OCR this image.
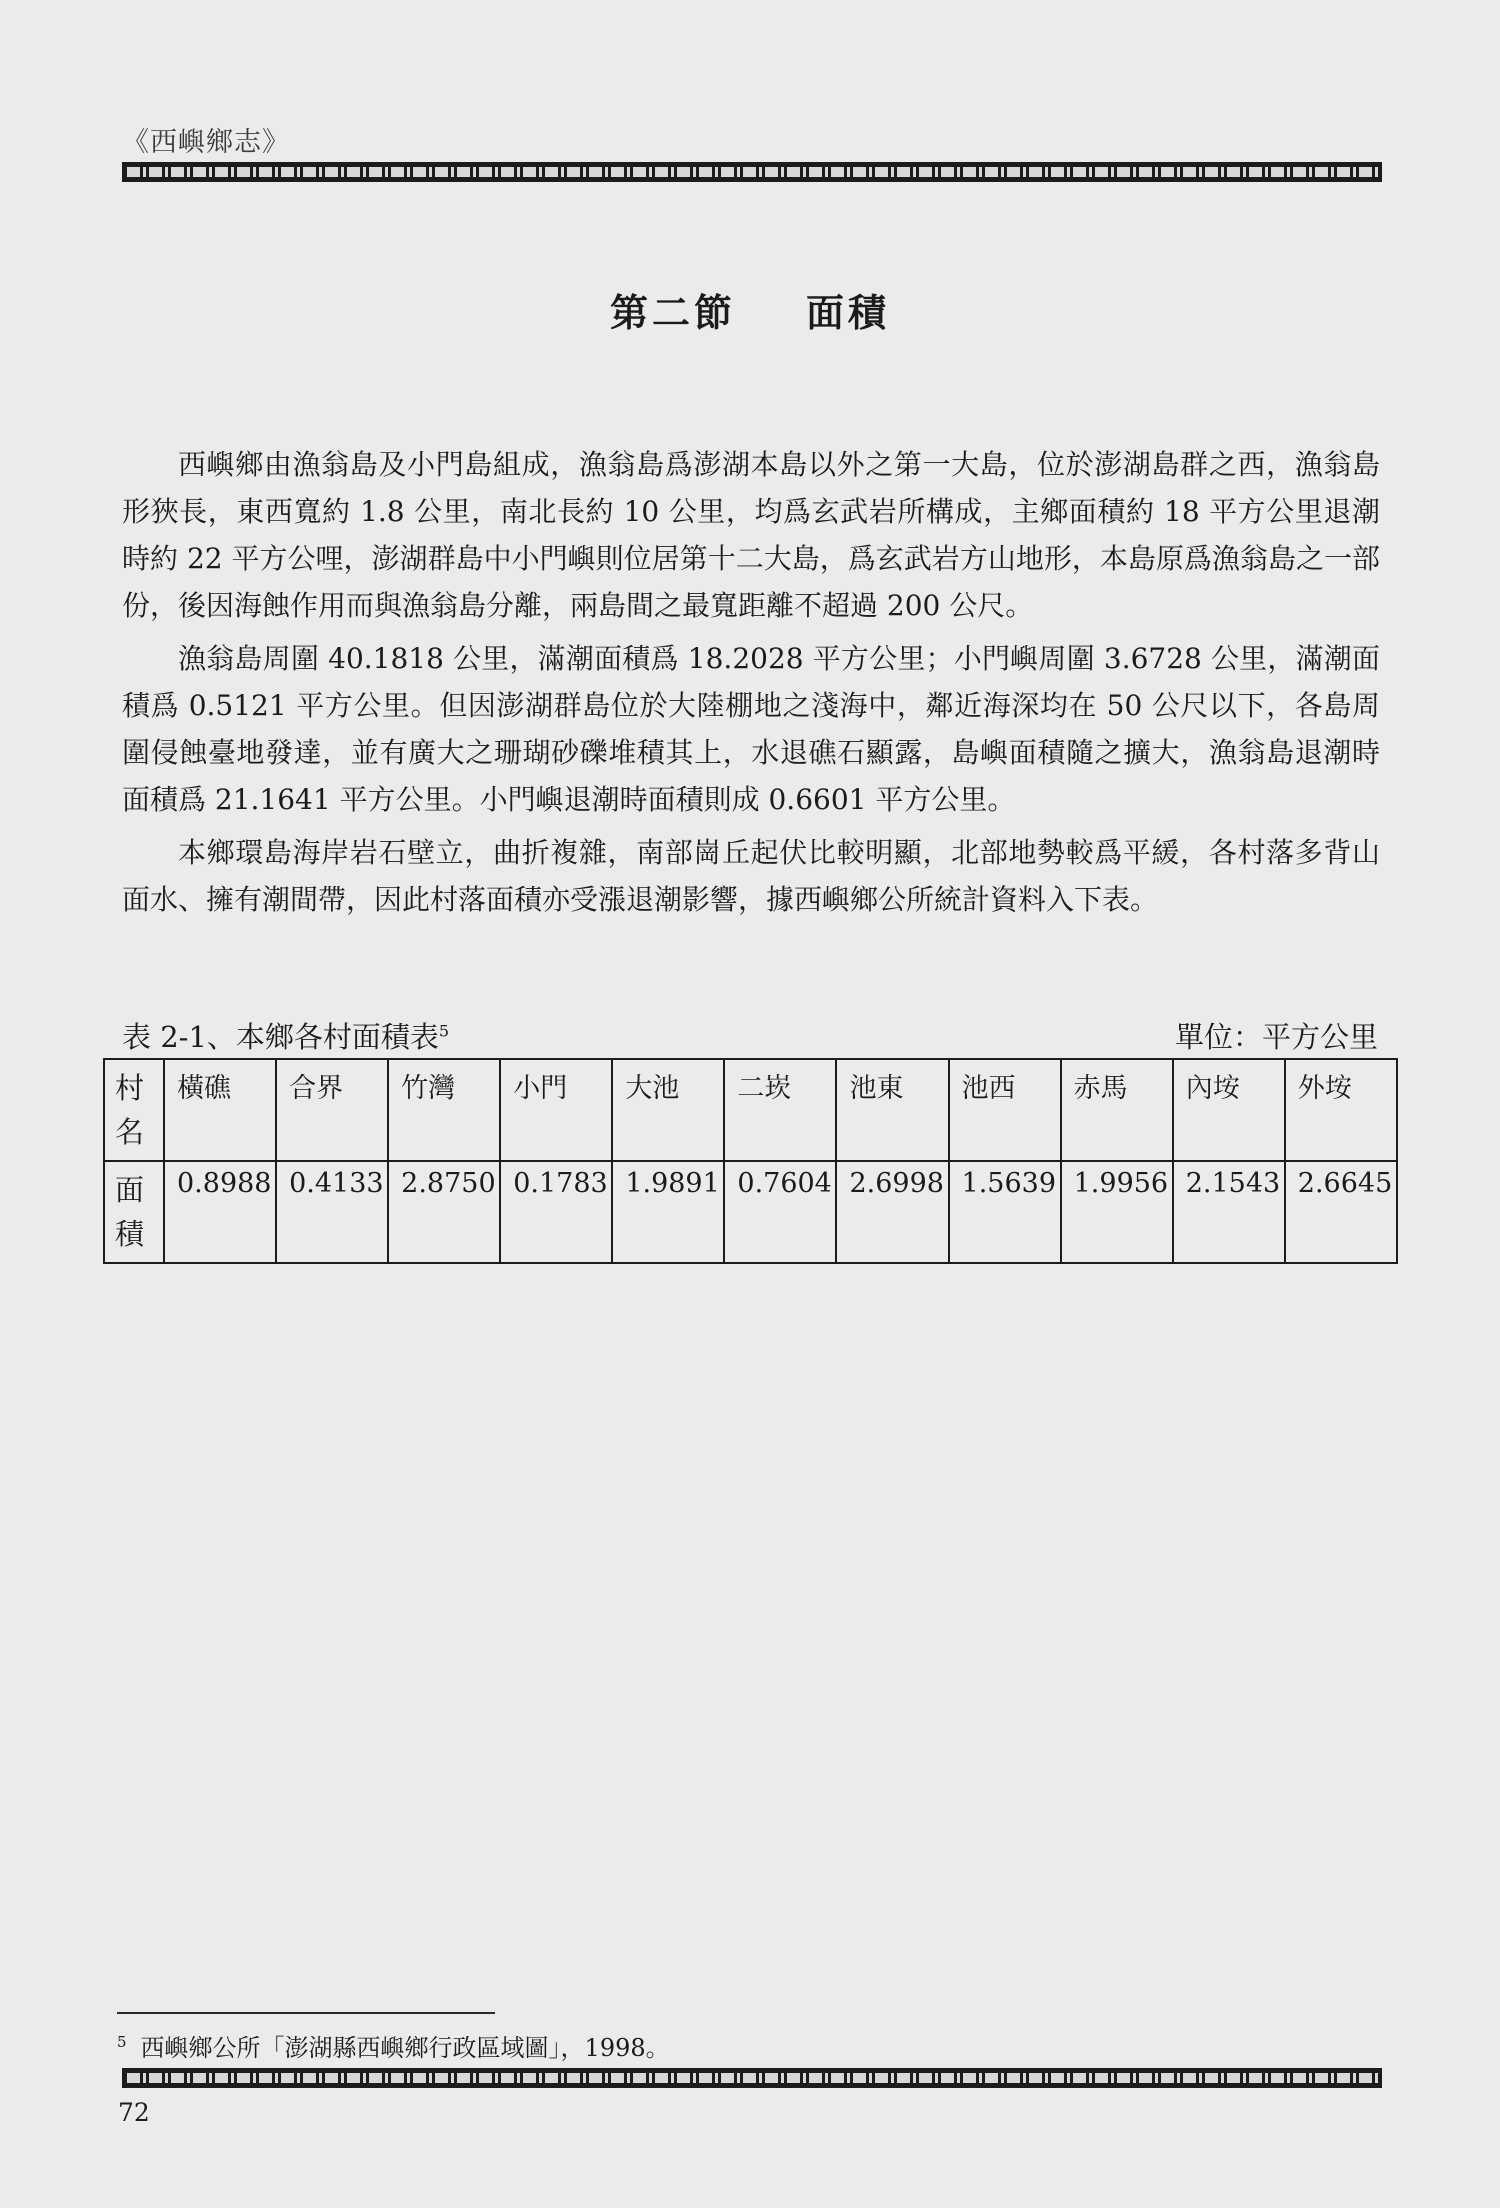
《西嶼鄉志》
第二節 面積

西嶼鄉由漁翁島及小門島組成，漁翁島爲澎湖本島以外之第一大島，位於澎湖島群之西，漁翁島形狹長，東西寬約 1.8 公里，南北長約 10 公里，均爲玄武岩所構成，主鄉面積約 18 平方公里退潮時約 22 平方公哩，澎湖群島中小門嶼則位居第十二大島，爲玄武岩方山地形，本島原爲漁翁島之一部份，後因海蝕作用而與漁翁島分離，兩島間之最寬距離不超過 200 公尺。

漁翁島周圍 40.1818 公里，滿潮面積爲 18.2028 平方公里；小門嶼周圍 3.6728 公里，滿潮面積爲 0.5121 平方公里。但因澎湖群島位於大陸棚地之淺海中，鄰近海深均在 50 公尺以下，各島周圍侵蝕臺地發達，並有廣大之珊瑚砂礫堆積其上，水退礁石顯露，島嶼面積隨之擴大，漁翁島退潮時面積爲 21.1641 平方公里。小門嶼退潮時面積則成 0.6601 平方公里。

本鄉環島海岸岩石壁立，曲折複雜，南部崗丘起伏比較明顯，北部地勢較爲平緩，各村落多背山面水、擁有潮間帶，因此村落面積亦受漲退潮影響，據西嶼鄉公所統計資料入下表。

表 2-1、本鄉各村面積表$^5$	單位：平方公里
村名	橫礁	合界	竹灣	小門	大池	二崁	池東	池西	赤馬	內垵	外垵
面積	0.8988	0.4133	2.8750	0.1783	1.9891	0.7604	2.6998	1.5639	1.9956	2.1543	2.6645
$^5$ 西嶼鄉公所「澎湖縣西嶼鄉行政區域圖」，1998。
72
